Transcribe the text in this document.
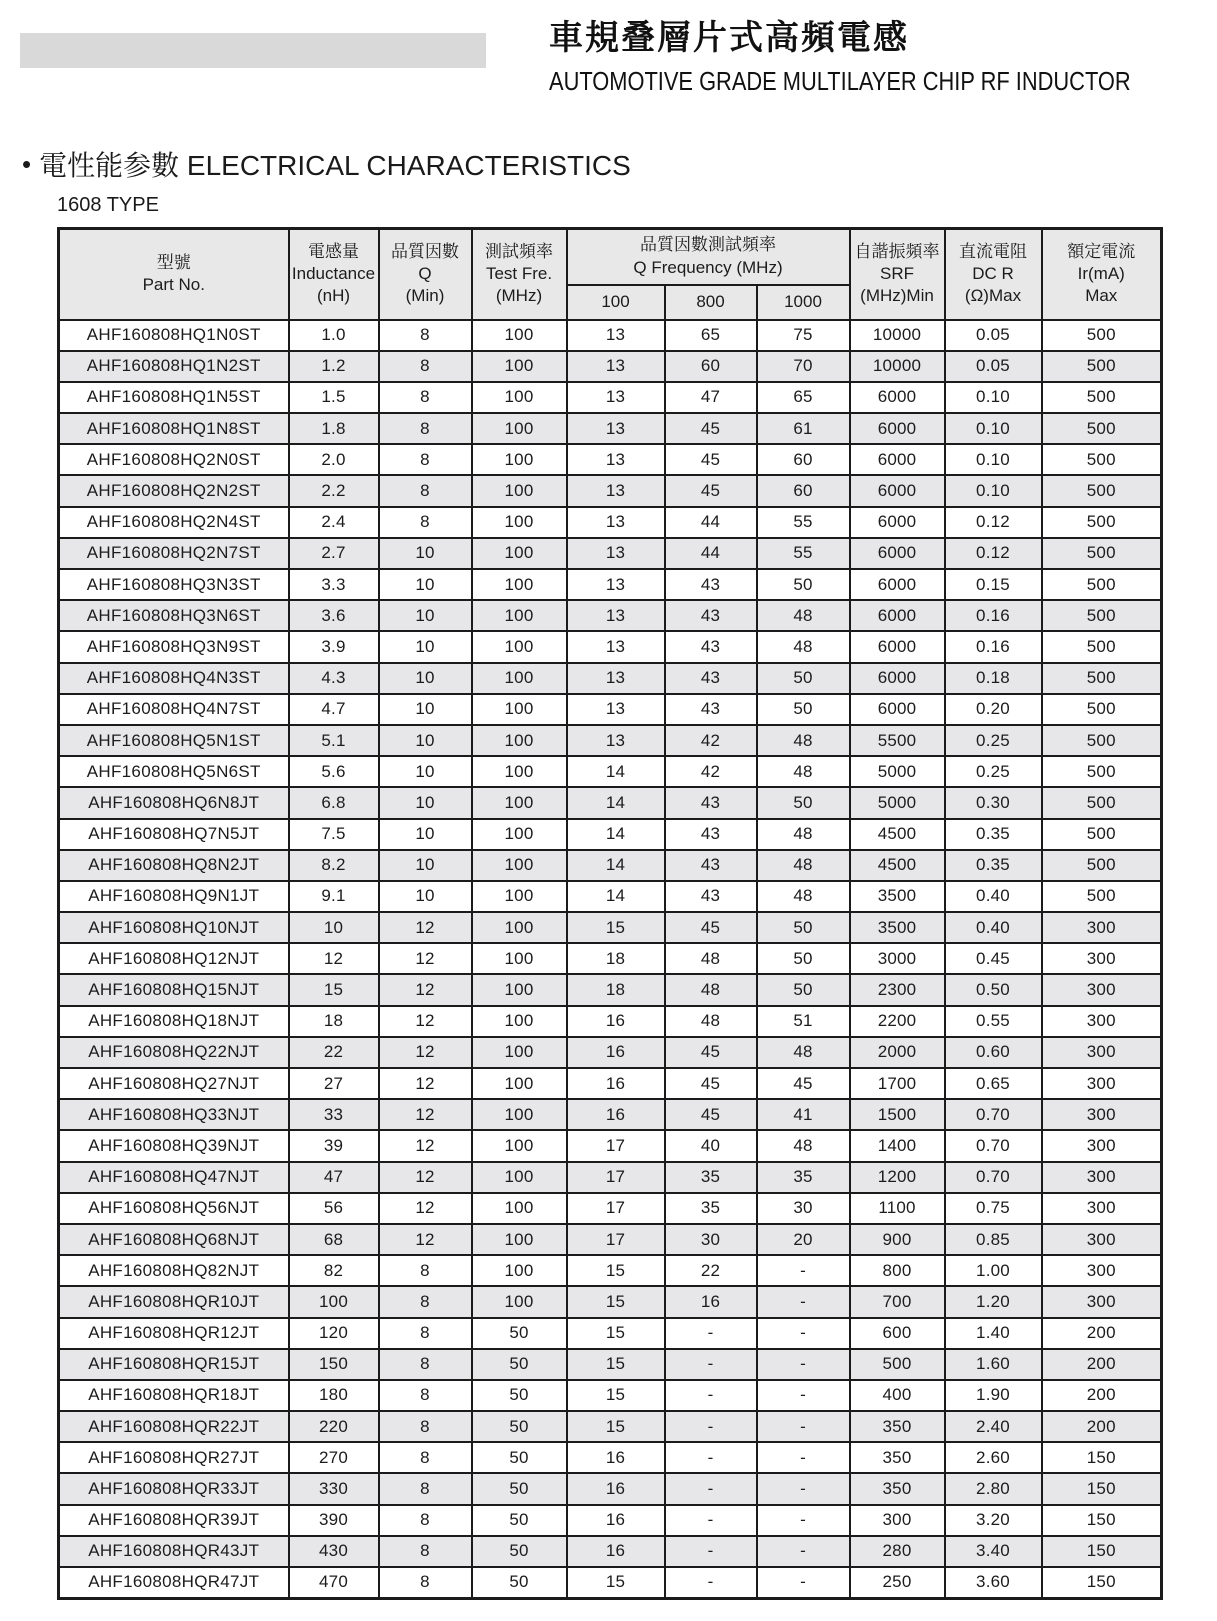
車規叠層片式高頻電感
AUTOMOTIVE GRADE MULTILAYER CHIP RF INDUCTOR
• 電性能参數 ELECTRICAL CHARACTERISTICS
1608 TYPE
型號
Part No.	電感量
Inductance
(nH)	品質因數
Q
(Min)	測試頻率
Test Fre.
(MHz)	品質因數測試頻率
Q Frequency (MHz)			自諧振頻率
SRF
(MHz)Min	直流電阻
DC R
(Ω)Max	額定電流
Ir(mA)
Max

				100	800	1000			
AHF160808HQ1N0ST	1.0	8	100	13	65	75	10000	0.05	500
AHF160808HQ1N2ST	1.2	8	100	13	60	70	10000	0.05	500
AHF160808HQ1N5ST	1.5	8	100	13	47	65	6000	0.10	500
AHF160808HQ1N8ST	1.8	8	100	13	45	61	6000	0.10	500
AHF160808HQ2N0ST	2.0	8	100	13	45	60	6000	0.10	500
AHF160808HQ2N2ST	2.2	8	100	13	45	60	6000	0.10	500
AHF160808HQ2N4ST	2.4	8	100	13	44	55	6000	0.12	500
AHF160808HQ2N7ST	2.7	10	100	13	44	55	6000	0.12	500
AHF160808HQ3N3ST	3.3	10	100	13	43	50	6000	0.15	500
AHF160808HQ3N6ST	3.6	10	100	13	43	48	6000	0.16	500
AHF160808HQ3N9ST	3.9	10	100	13	43	48	6000	0.16	500
AHF160808HQ4N3ST	4.3	10	100	13	43	50	6000	0.18	500
AHF160808HQ4N7ST	4.7	10	100	13	43	50	6000	0.20	500
AHF160808HQ5N1ST	5.1	10	100	13	42	48	5500	0.25	500
AHF160808HQ5N6ST	5.6	10	100	14	42	48	5000	0.25	500
AHF160808HQ6N8JT	6.8	10	100	14	43	50	5000	0.30	500
AHF160808HQ7N5JT	7.5	10	100	14	43	48	4500	0.35	500
AHF160808HQ8N2JT	8.2	10	100	14	43	48	4500	0.35	500
AHF160808HQ9N1JT	9.1	10	100	14	43	48	3500	0.40	500
AHF160808HQ10NJT	10	12	100	15	45	50	3500	0.40	300
AHF160808HQ12NJT	12	12	100	18	48	50	3000	0.45	300
AHF160808HQ15NJT	15	12	100	18	48	50	2300	0.50	300
AHF160808HQ18NJT	18	12	100	16	48	51	2200	0.55	300
AHF160808HQ22NJT	22	12	100	16	45	48	2000	0.60	300
AHF160808HQ27NJT	27	12	100	16	45	45	1700	0.65	300
AHF160808HQ33NJT	33	12	100	16	45	41	1500	0.70	300
AHF160808HQ39NJT	39	12	100	17	40	48	1400	0.70	300
AHF160808HQ47NJT	47	12	100	17	35	35	1200	0.70	300
AHF160808HQ56NJT	56	12	100	17	35	30	1100	0.75	300
AHF160808HQ68NJT	68	12	100	17	30	20	900	0.85	300
AHF160808HQ82NJT	82	8	100	15	22	-	800	1.00	300
AHF160808HQR10JT	100	8	100	15	16	-	700	1.20	300
AHF160808HQR12JT	120	8	50	15	-	-	600	1.40	200
AHF160808HQR15JT	150	8	50	15	-	-	500	1.60	200
AHF160808HQR18JT	180	8	50	15	-	-	400	1.90	200
AHF160808HQR22JT	220	8	50	15	-	-	350	2.40	200
AHF160808HQR27JT	270	8	50	16	-	-	350	2.60	150
AHF160808HQR33JT	330	8	50	16	-	-	350	2.80	150
AHF160808HQR39JT	390	8	50	16	-	-	300	3.20	150
AHF160808HQR43JT	430	8	50	16	-	-	280	3.40	150
AHF160808HQR47JT	470	8	50	15	-	-	250	3.60	150
